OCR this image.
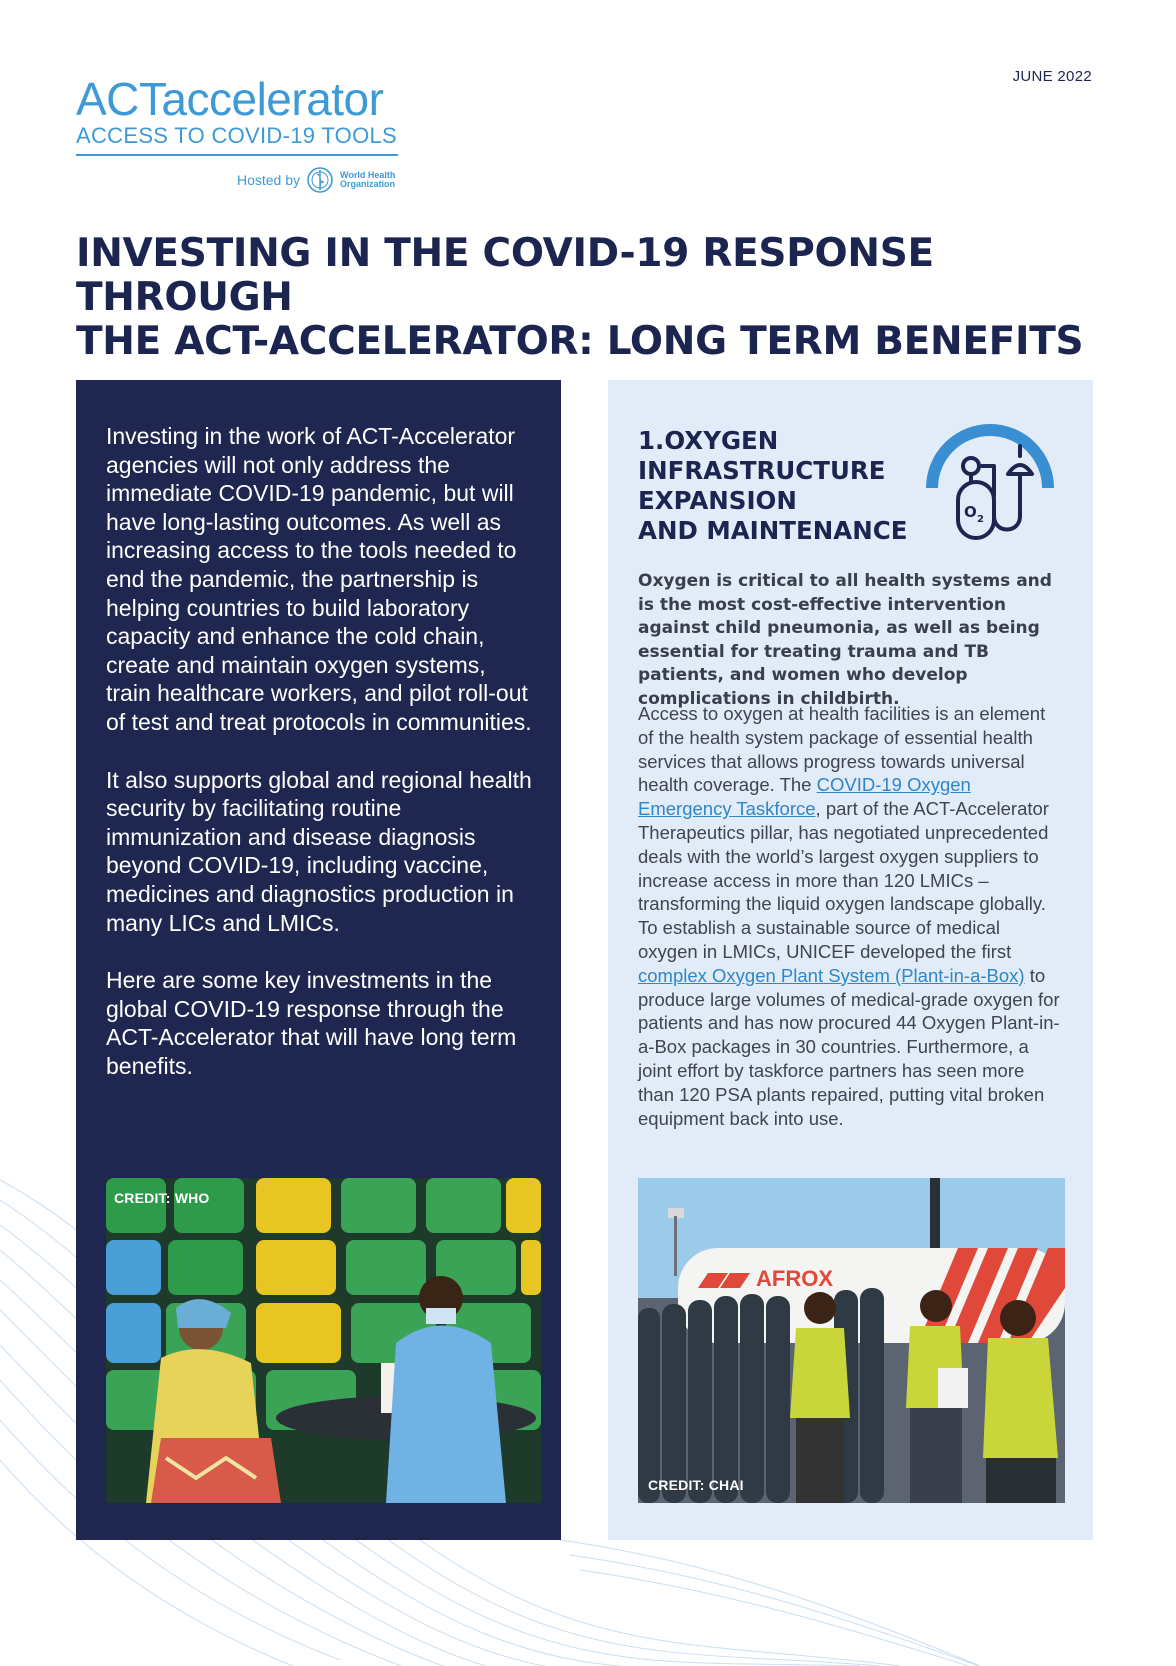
ACTaccelerator
ACCESS TO COVID-19 TOOLS
Hosted by	World Health
Organization
JUNE 2022
INVESTING IN THE COVID-19 RESPONSE THROUGH
THE ACT-ACCELERATOR: LONG TERM BENEFITS

Investing in the work of ACT-Accelerator agencies will not only address the immediate COVID-19 pandemic, but will have long-lasting outcomes. As well as increasing access to the tools needed to end the pandemic, the partnership is helping countries to build laboratory capacity and enhance the cold chain, create and maintain oxygen systems, train healthcare workers, and pilot roll-out of test and treat protocols in communities.

It also supports global and regional health security by facilitating routine immunization and disease diagnosis beyond COVID-19, including vaccine, medicines and diagnostics production in many LICs and LMICs.

Here are some key investments in the global COVID-19 response through the ACT-Accelerator that will have long term benefits.

CREDIT: WHO
1.OXYGEN
INFRASTRUCTURE
EXPANSION
AND MAINTENANCE
O 2

Oxygen is critical to all health systems and is the most cost-effective intervention against child pneumonia, as well as being essential for treating trauma and TB patients, and women who develop complications in childbirth.

Access to oxygen at health facilities is an element of the health system package of essential health services that allows progress towards universal health coverage. The COVID-19 Oxygen Emergency Taskforce, part of the ACT-Accelerator Therapeutics pillar, has negotiated unprecedented deals with the world’s largest oxygen suppliers to increase access in more than 120 LMICs – transforming the liquid oxygen landscape globally. To establish a sustainable source of medical oxygen in LMICs, UNICEF developed the first complex Oxygen Plant System (Plant-in-a-Box) to produce large volumes of medical-grade oxygen for patients and has now procured 44 Oxygen Plant-in-a-Box packages in 30 countries. Furthermore, a joint effort by taskforce partners has seen more than 120 PSA plants repaired, putting vital broken equipment back into use.

AFROX
CREDIT: CHAI
